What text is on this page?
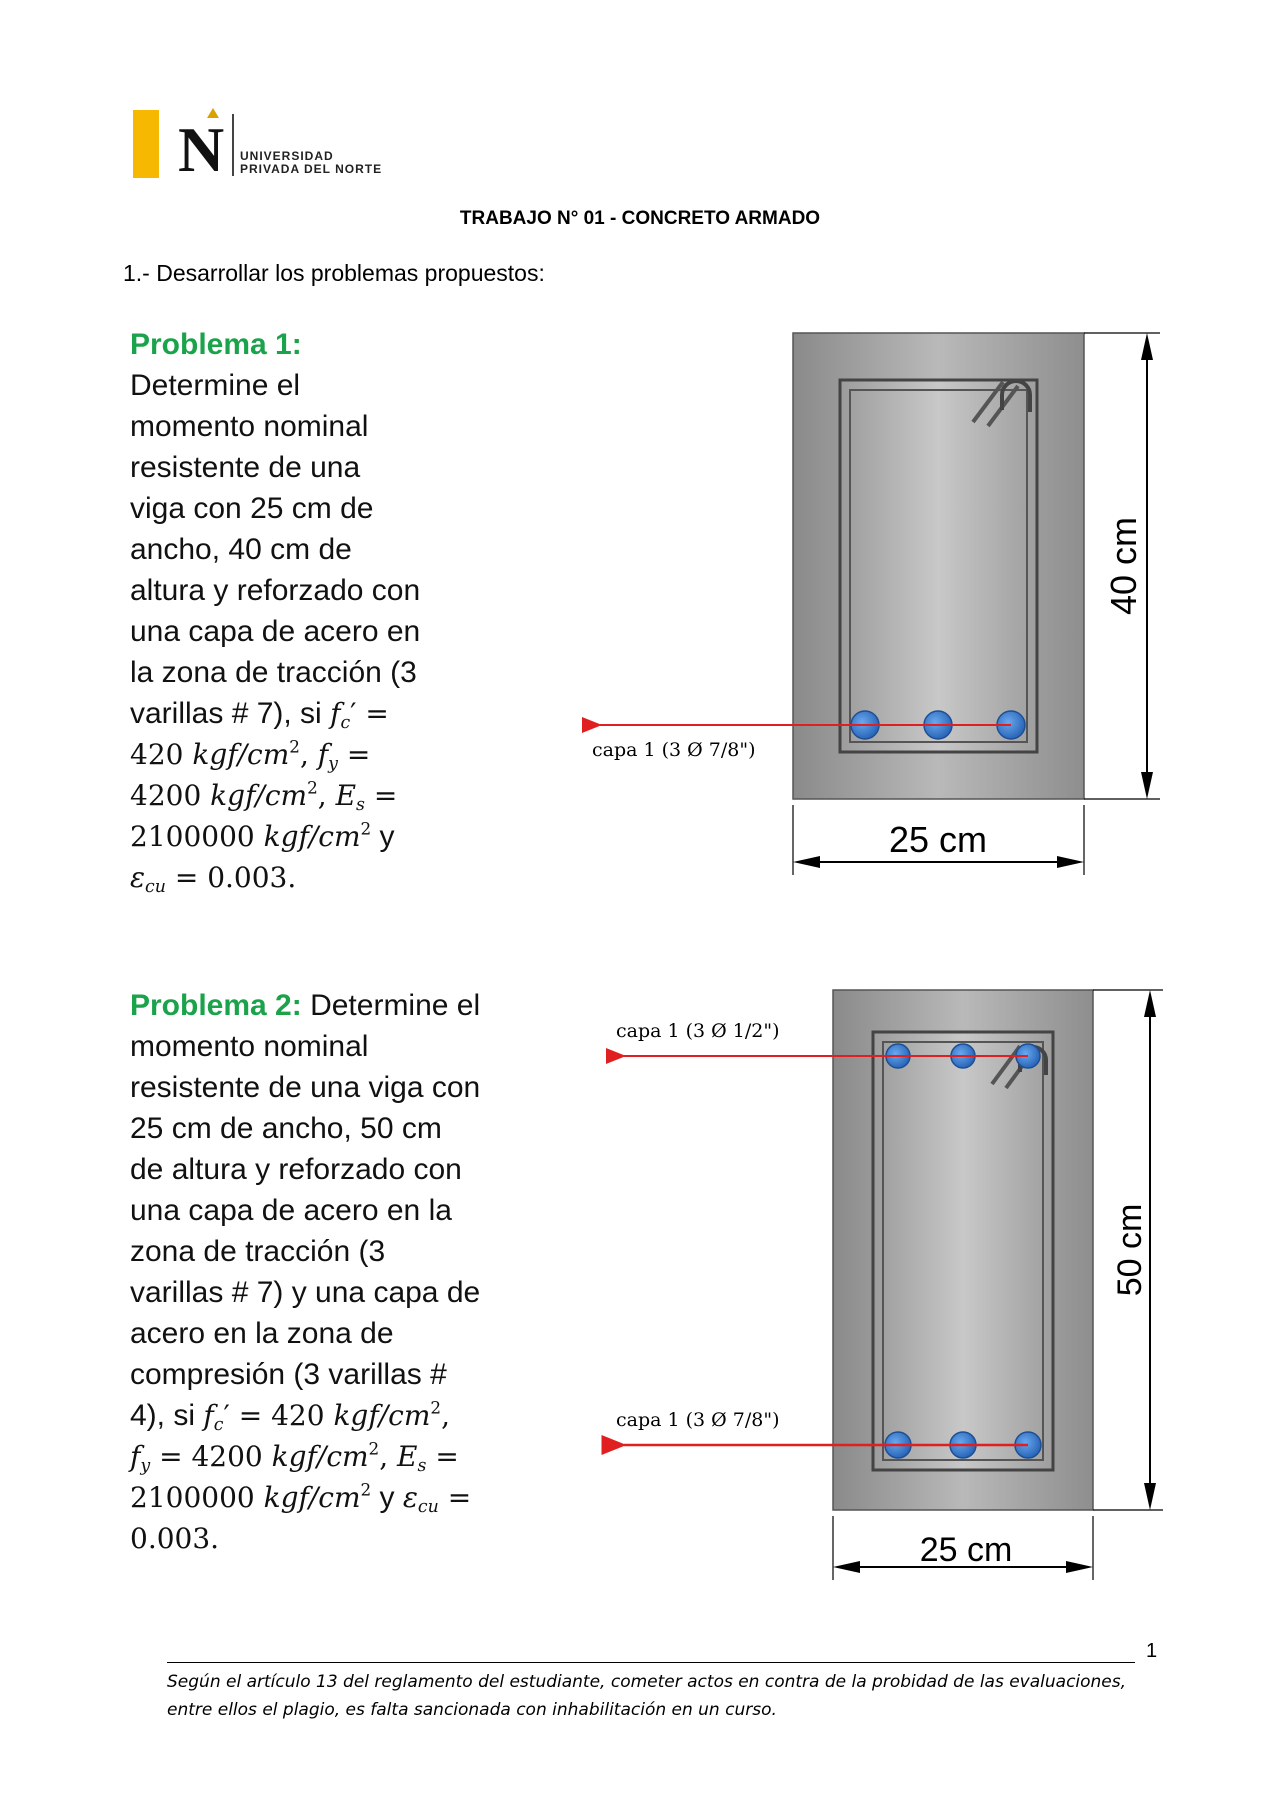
N UNIVERSIDAD
PRIVADA DEL NORTE
TRABAJO N° 01 - CONCRETO ARMADO
1.- Desarrollar los problemas propuestos:
Problema 1:
Determine el
momento nominal
resistente de una
viga con 25 cm de
ancho, 40 cm de
altura y reforzado con
una capa de acero en
la zona de tracción (3
varillas # 7), si $f_c'$ =
420 kgf/$cm^2$, $f_y$ =
4200 kgf/$cm^2$, $E_s$ =
2100000 kgf/$cm^2$ y
$\varepsilon_{cu} = 0.003$.
Problema 2: Determine el
momento nominal
resistente de una viga con
25 cm de ancho, 50 cm
de altura y reforzado con
una capa de acero en la
zona de tracción (3
varillas # 7) y una capa de
acero en la zona de
compresión (3 varillas #
4), si $f_c' = 420$ kgf/$cm^2$,
$f_y = 4200$ kgf/$cm^2$, $E_s$ =
2100000 kgf/$cm^2$ y $\varepsilon_{cu}$ =
0.003.
25 cm
40 cm
capa 1 (3 Ø 7/8")
25 cm
50 cm
capa 1 (3 Ø 1/2")
capa 1 (3 Ø 7/8")
1
Según el artículo 13 del reglamento del estudiante, cometer actos en contra de la probidad de las evaluaciones, entre ellos el plagio, es falta sancionada con inhabilitación en un curso.
